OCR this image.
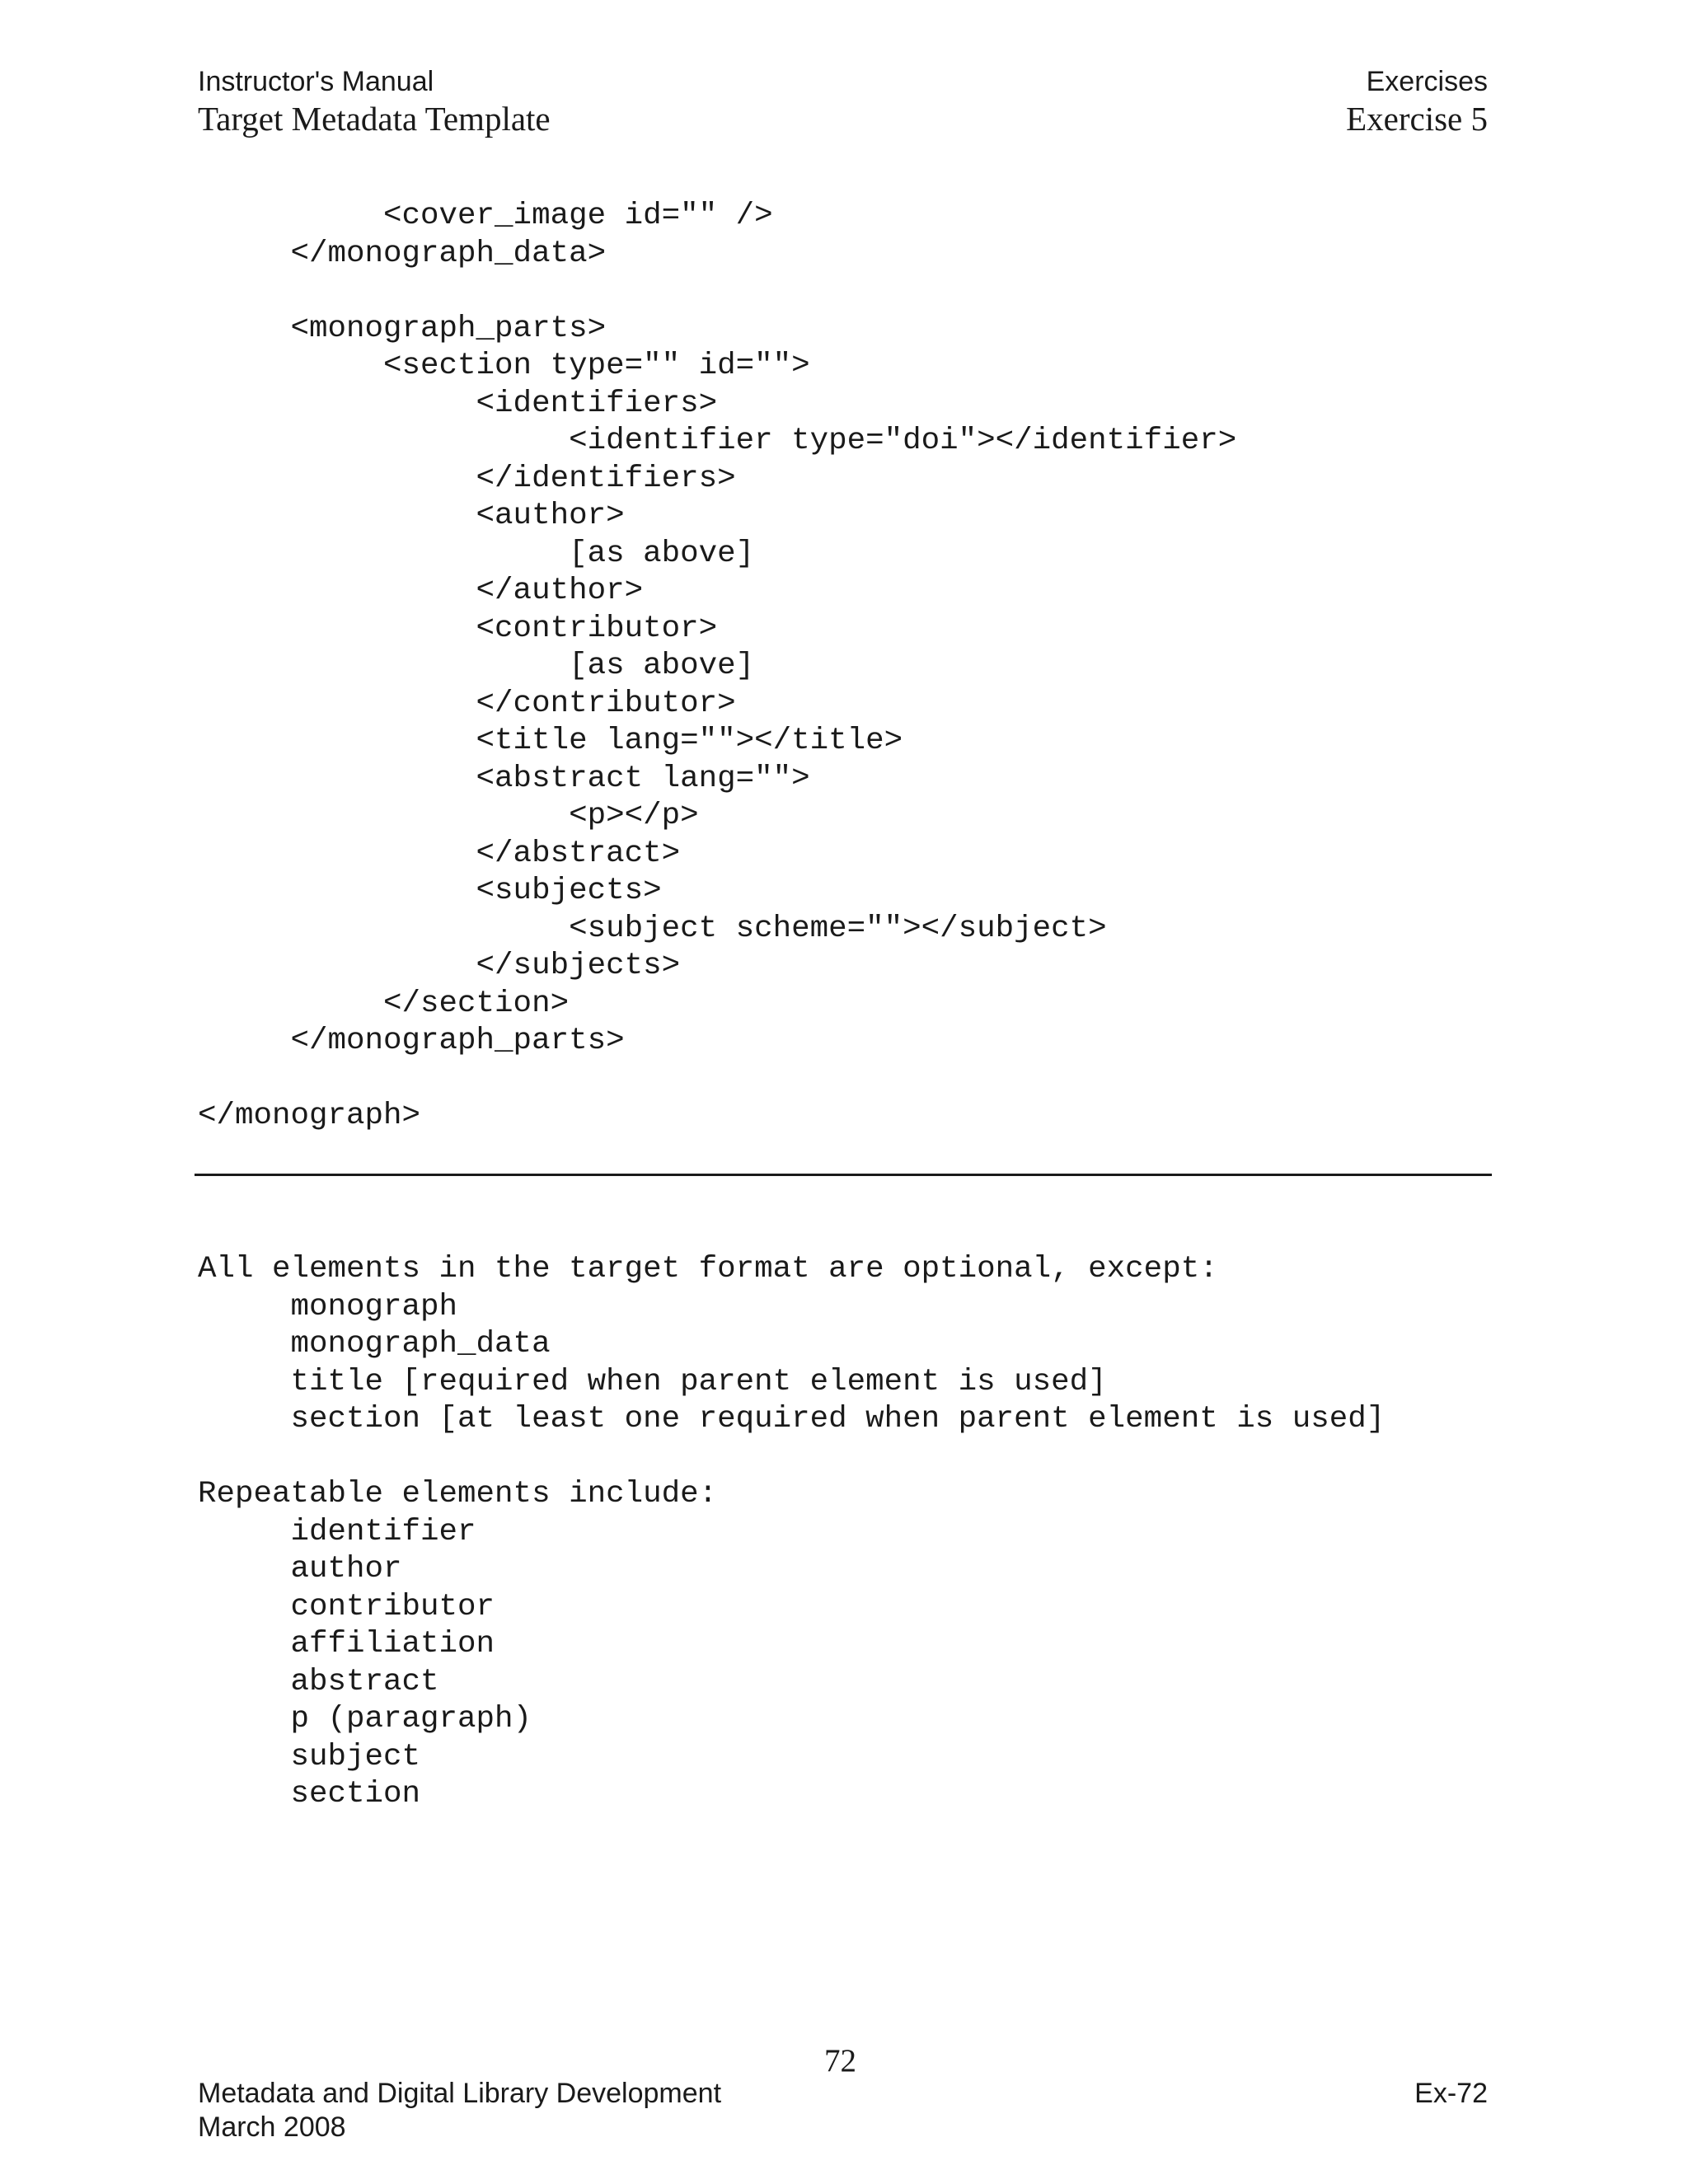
Instructor's Manual
Target Metadata Template
Exercises
Exercise 5
<cover_image id="" />
</monograph_data>
<monograph_parts>
<section type="" id="">
<identifiers>
<identifier type="doi"></identifier>
</identifiers>
<author>
[as above]
</author>
<contributor>
[as above]
</contributor>
<title lang=""></title>
<abstract lang="">
<p></p>
</abstract>
<subjects>
<subject scheme=""></subject>
</subjects>
</section>
</monograph_parts>
</monograph>
All elements in the target format are optional, except:
monograph
monograph_data
title [required when parent element is used]
section [at least one required when parent element is used]
Repeatable elements include:
identifier
author
contributor
affiliation
abstract
p (paragraph)
subject
section
72
Metadata and Digital Library Development
March 2008
Ex-72
